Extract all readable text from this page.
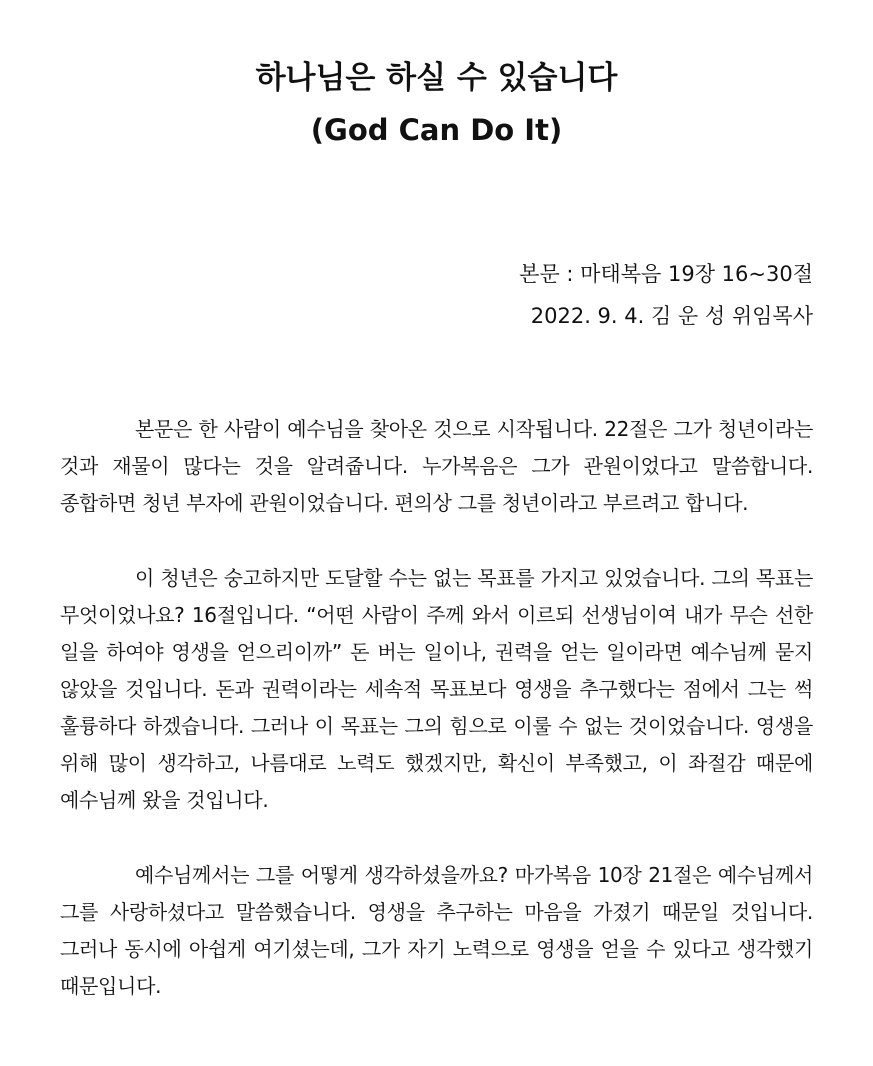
하나님은 하실 수 있습니다
(God Can Do It)
본문 : 마태복음 19장 16~30절
2022. 9. 4. 김 운 성 위임목사

본문은 한 사람이 예수님을 찾아온 것으로 시작됩니다. 22절은 그가 청년이라는 것과 재물이 많다는 것을 알려줍니다. 누가복음은 그가 관원이었다고 말씀합니다. 종합하면 청년 부자에 관원이었습니다. 편의상 그를 청년이라고 부르려고 합니다.

이 청년은 숭고하지만 도달할 수는 없는 목표를 가지고 있었습니다. 그의 목표는 무엇이었나요? 16절입니다. “어떤 사람이 주께 와서 이르되 선생님이여 내가 무슨 선한 일을 하여야 영생을 얻으리이까” 돈 버는 일이나, 권력을 얻는 일이라면 예수님께 묻지 않았을 것입니다. 돈과 권력이라는 세속적 목표보다 영생을 추구했다는 점에서 그는 썩 훌륭하다 하겠습니다. 그러나 이 목표는 그의 힘으로 이룰 수 없는 것이었습니다. 영생을 위해 많이 생각하고, 나름대로 노력도 했겠지만, 확신이 부족했고, 이 좌절감 때문에 예수님께 왔을 것입니다.

예수님께서는 그를 어떻게 생각하셨을까요? 마가복음 10장 21절은 예수님께서 그를 사랑하셨다고 말씀했습니다. 영생을 추구하는 마음을 가졌기 때문일 것입니다. 그러나 동시에 아쉽게 여기셨는데, 그가 자기 노력으로 영생을 얻을 수 있다고 생각했기 때문입니다.
